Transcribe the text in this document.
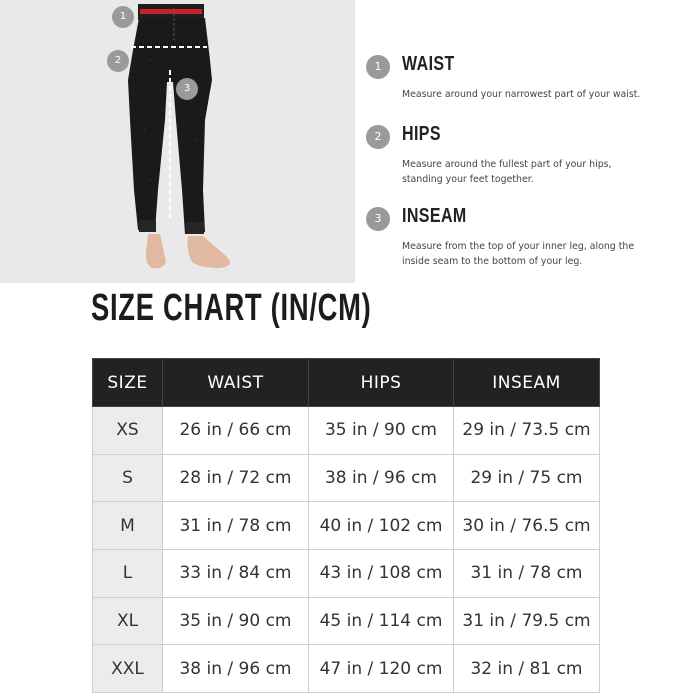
1
2
3
1	WAIST
Measure around your narrowest part of your waist.
2	HIPS
Measure around the fullest part of your hips, standing your feet together.
3	INSEAM
Measure from the top of your inner leg, along the inside seam to the bottom of your leg.
SIZE CHART (IN/CM)
SIZE	WAIST	HIPS	INSEAM
XS	26 in / 66 cm	35 in / 90 cm	29 in / 73.5 cm
S	28 in / 72 cm	38 in / 96 cm	29 in / 75 cm
M	31 in / 78 cm	40 in / 102 cm	30 in / 76.5 cm
L	33 in / 84 cm	43 in / 108 cm	31 in / 78 cm
XL	35 in / 90 cm	45 in / 114 cm	31 in / 79.5 cm
XXL	38 in / 96 cm	47 in / 120 cm	32 in / 81 cm
